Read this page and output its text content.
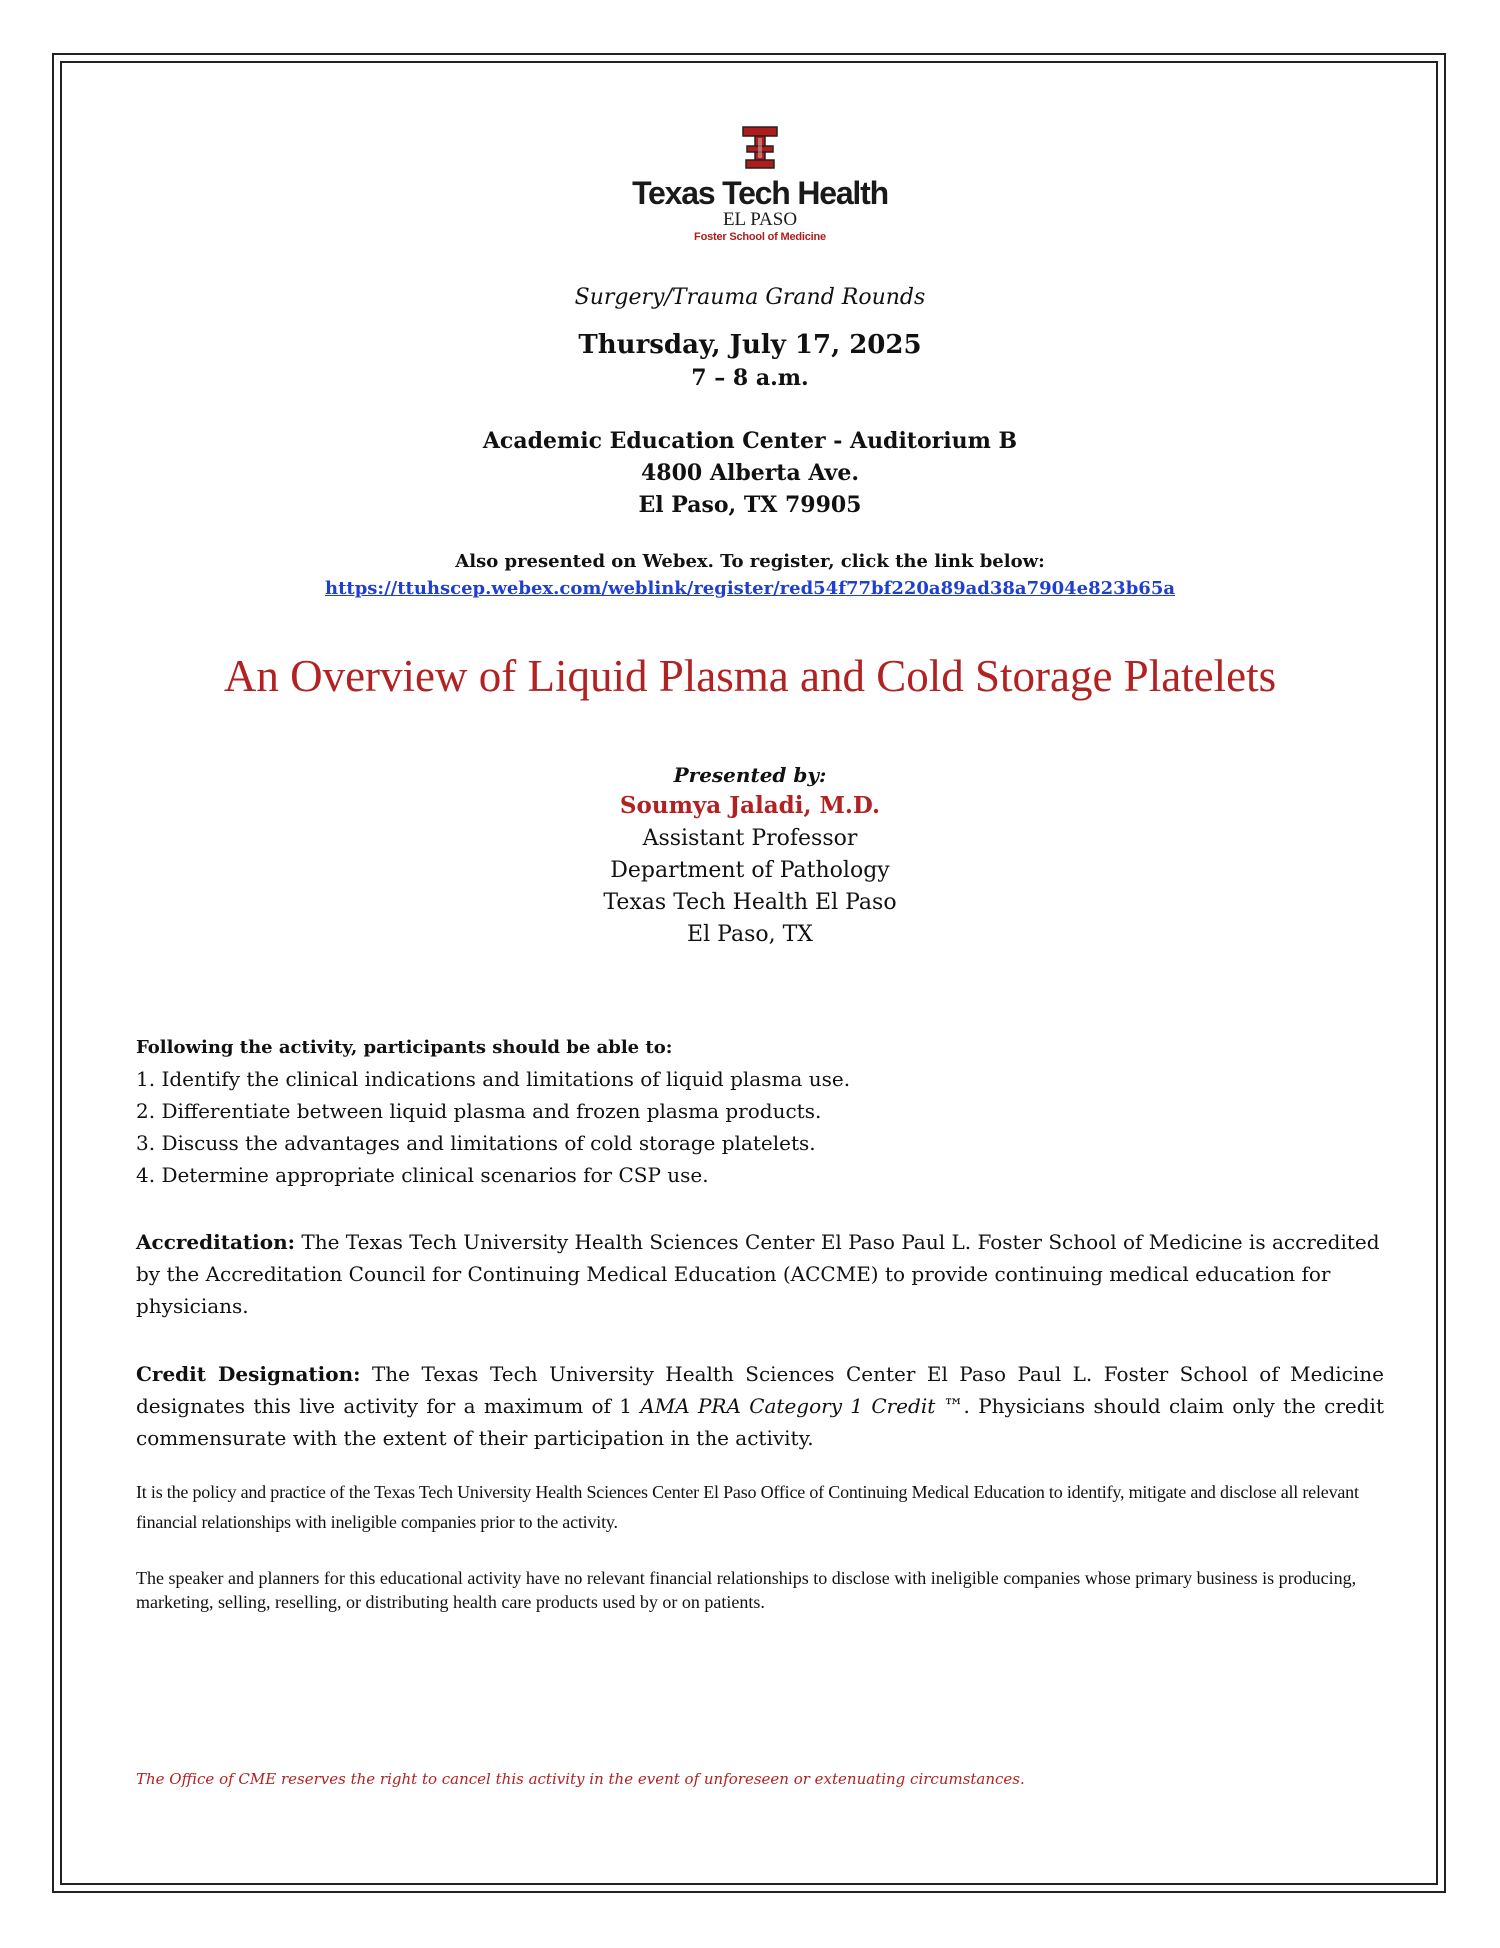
Texas Tech Health
EL PASO
Foster School of Medicine
Surgery/Trauma Grand Rounds
Thursday, July 17, 2025
7 – 8 a.m.
Academic Education Center - Auditorium B
4800 Alberta Ave.
El Paso, TX 79905
Also presented on Webex. To register, click the link below:
https://ttuhscep.webex.com/weblink/register/red54f77bf220a89ad38a7904e823b65a
An Overview of Liquid Plasma and Cold Storage Platelets
Presented by:
Soumya Jaladi, M.D.
Assistant Professor
Department of Pathology
Texas Tech Health El Paso
El Paso, TX
Following the activity, participants should be able to:
1. Identify the clinical indications and limitations of liquid plasma use.
2. Differentiate between liquid plasma and frozen plasma products.
3. Discuss the advantages and limitations of cold storage platelets.
4. Determine appropriate clinical scenarios for CSP use.
Accreditation: The Texas Tech University Health Sciences Center El Paso Paul L. Foster School of Medicine is accredited by the Accreditation Council for Continuing Medical Education (ACCME) to provide continuing medical education for physicians.
Credit Designation: The Texas Tech University Health Sciences Center El Paso Paul L. Foster School of Medicine designates this live activity for a maximum of 1 AMA PRA Category 1 Credit ™. Physicians should claim only the credit commensurate with the extent of their participation in the activity.
It is the policy and practice of the Texas Tech University Health Sciences Center El Paso Office of Continuing Medical Education to identify, mitigate and disclose all relevant financial relationships with ineligible companies prior to the activity.
The speaker and planners for this educational activity have no relevant financial relationships to disclose with ineligible companies whose primary business is producing, marketing, selling, reselling, or distributing health care products used by or on patients.
The Office of CME reserves the right to cancel this activity in the event of unforeseen or extenuating circumstances.
